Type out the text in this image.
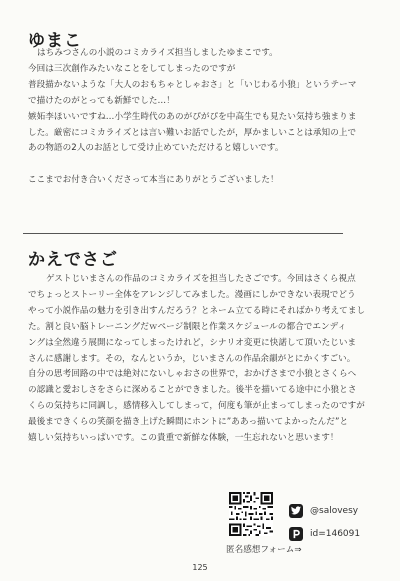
ゆまこ
はちみつさんの小説のコミカライズ担当しましたゆまこです。
今回は三次創作みたいなことをしてしまったのですが
普段描かないような「大人のおもちゃとしゃおさ」と「いじわる小狼」というテーマ
で描けたのがとっても新鮮でした…！
嫉妬李ほいいですね…小学生時代のあのがぴがぴを中高生でも見たい気持ち強まりま
した。厳密にコミカライズとは言い難いお話でしたが，厚かましいことは承知の上で
あの物語の2人のお話として受け止めていただけると嬉しいです。

ここまでお付き合いくださって本当にありがとうございました！
かえでさご
ゲストじいまさんの作品のコミカライズを担当したさごです。今回はさくら視点
でちょっとストーリー全体をアレンジしてみました。漫画にしかできない表現でどう
やって小説作品の魅力を引き出すんだろう？とネーム立てる時にそればかり考えてまし
た。割と良い脳トレーニングだｗページ制限と作業スケジュールの都合でエンディ
ングは全然違う展開になってしまったけれど，シナリオ変更に快諾して頂いたじいま
さんに感謝します。その，なんというか，じいまさんの作品余韻がとにかくすごい。
自分の思考回路の中では絶対にないしゃおさの世界で，おかげさまで小狼とさくらへ
の認識と愛おしさをさらに深めることができました。後半を描いてる途中に小狼とさ
くらの気持ちに同調し，感情移入してしまって，何度も筆が止まってしまったのですが
最後まできくらの笑顔を描き上げた瞬間にホントに”ああっ描いてよかったんだ”と
嬉しい気持ちいっぱいです。この貴重で新鮮な体験，一生忘れないと思います！
匿名感想フォーム⇒
@salovesy
id=146091
125
